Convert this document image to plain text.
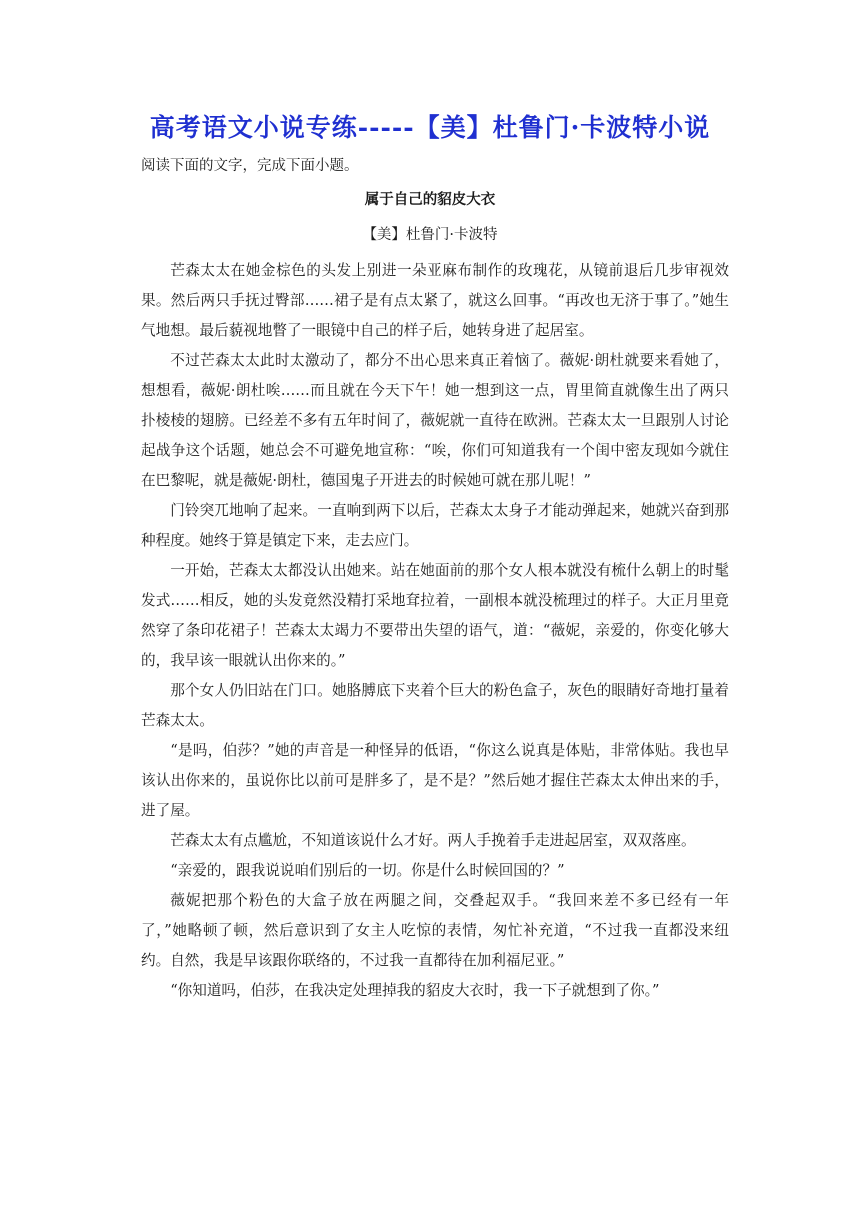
高考语文小说专练-----【美】杜鲁门·卡波特小说
阅读下面的文字，完成下面小题。
属于自己的貂皮大衣
【美】杜鲁门·卡波特

芒森太太在她金棕色的头发上别进一朵亚麻布制作的玫瑰花，从镜前退后几步审视效果。然后两只手抚过臀部……裙子是有点太紧了，就这么回事。“再改也无济于事了。”她生气地想。最后藐视地瞥了一眼镜中自己的样子后，她转身进了起居室。

不过芒森太太此时太激动了，都分不出心思来真正着恼了。薇妮·朗杜就要来看她了，想想看，薇妮·朗杜唉……而且就在今天下午！她一想到这一点，胃里简直就像生出了两只扑棱棱的翅膀。已经差不多有五年时间了，薇妮就一直待在欧洲。芒森太太一旦跟别人讨论起战争这个话题，她总会不可避免地宣称：“唉，你们可知道我有一个闺中密友现如今就住在巴黎呢，就是薇妮·朗杜，德国鬼子开进去的时候她可就在那儿呢！”

门铃突兀地响了起来。一直响到两下以后，芒森太太身子才能动弹起来，她就兴奋到那种程度。她终于算是镇定下来，走去应门。

一开始，芒森太太都没认出她来。站在她面前的那个女人根本就没有梳什么朝上的时髦发式……相反，她的头发竟然没精打采地耷拉着，一副根本就没梳理过的样子。大正月里竟然穿了条印花裙子！芒森太太竭力不要带出失望的语气，道：“薇妮，亲爱的，你变化够大的，我早该一眼就认出你来的。”

那个女人仍旧站在门口。她胳膊底下夹着个巨大的粉色盒子，灰色的眼睛好奇地打量着芒森太太。

“是吗，伯莎？”她的声音是一种怪异的低语，“你这么说真是体贴，非常体贴。我也早该认出你来的，虽说你比以前可是胖多了，是不是？”然后她才握住芒森太太伸出来的手，进了屋。

芒森太太有点尴尬，不知道该说什么才好。两人手挽着手走进起居室，双双落座。

“亲爱的，跟我说说咱们别后的一切。你是什么时候回国的？”

薇妮把那个粉色的大盒子放在两腿之间，交叠起双手。“我回来差不多已经有一年了，”她略顿了顿，然后意识到了女主人吃惊的表情，匆忙补充道，“不过我一直都没来纽约。自然，我是早该跟你联络的，不过我一直都待在加利福尼亚。”

“你知道吗，伯莎，在我决定处理掉我的貂皮大衣时，我一下子就想到了你。”
